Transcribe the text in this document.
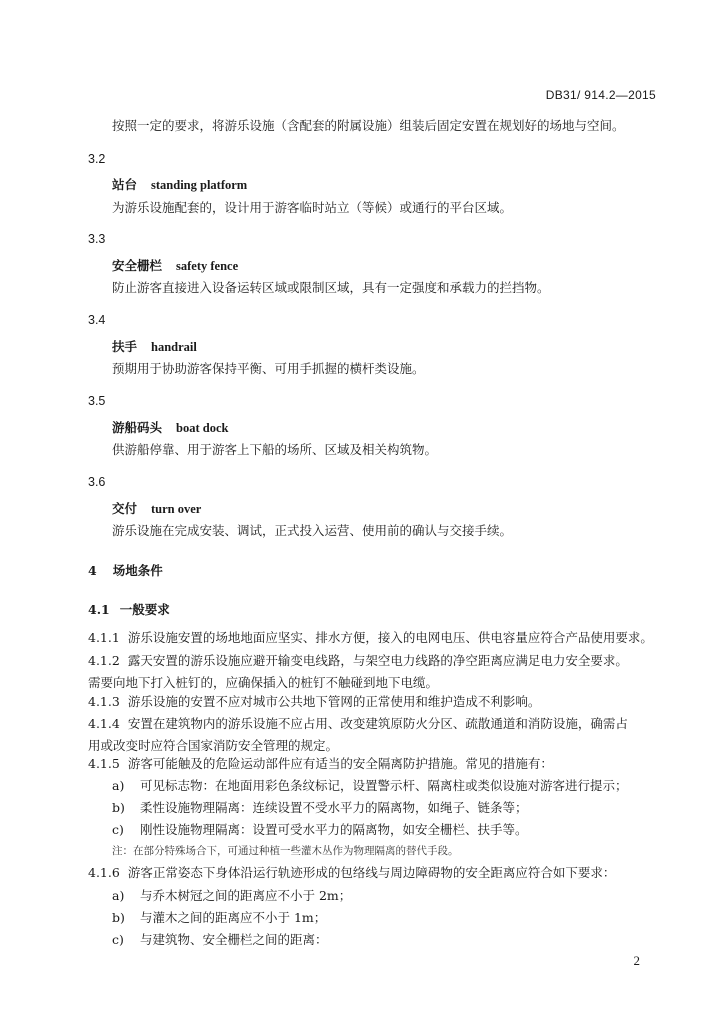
DB31/ 914.2—2015
按照一定的要求，将游乐设施（含配套的附属设施）组装后固定安置在规划好的场地与空间。
3.2
站台 standing platform
为游乐设施配套的，设计用于游客临时站立（等候）或通行的平台区域。
3.3
安全栅栏 safety fence
防止游客直接进入设备运转区域或限制区域，具有一定强度和承载力的拦挡物。
3.4
扶手 handrail
预期用于协助游客保持平衡、可用手抓握的横杆类设施。
3.5
游船码头 boat dock
供游船停靠、用于游客上下船的场所、区域及相关构筑物。
3.6
交付 turn over
游乐设施在完成安装、调试，正式投入运营、使用前的确认与交接手续。
4 场地条件
4.1 一般要求
4.1.1 游乐设施安置的场地地面应坚实、排水方便，接入的电网电压、供电容量应符合产品使用要求。
4.1.2 露天安置的游乐设施应避开输变电线路，与架空电力线路的净空距离应满足电力安全要求。需要向地下打入桩钉的，应确保插入的桩钉不触碰到地下电缆。
4.1.3 游乐设施的安置不应对城市公共地下管网的正常使用和维护造成不利影响。
4.1.4 安置在建筑物内的游乐设施不应占用、改变建筑原防火分区、疏散通道和消防设施，确需占用或改变时应符合国家消防安全管理的规定。
4.1.5 游客可能触及的危险运动部件应有适当的安全隔离防护措施。常见的措施有：
a) 可见标志物：在地面用彩色条纹标记，设置警示杆、隔离柱或类似设施对游客进行提示；
b) 柔性设施物理隔离：连续设置不受水平力的隔离物，如绳子、链条等；
c) 刚性设施物理隔离：设置可受水平力的隔离物，如安全栅栏、扶手等。
注：在部分特殊场合下，可通过种植一些灌木丛作为物理隔离的替代手段。
4.1.6 游客正常姿态下身体沿运行轨迹形成的包络线与周边障碍物的安全距离应符合如下要求：
a) 与乔木树冠之间的距离应不小于 2m；
b) 与灌木之间的距离应不小于 1m；
c) 与建筑物、安全栅栏之间的距离：
2
